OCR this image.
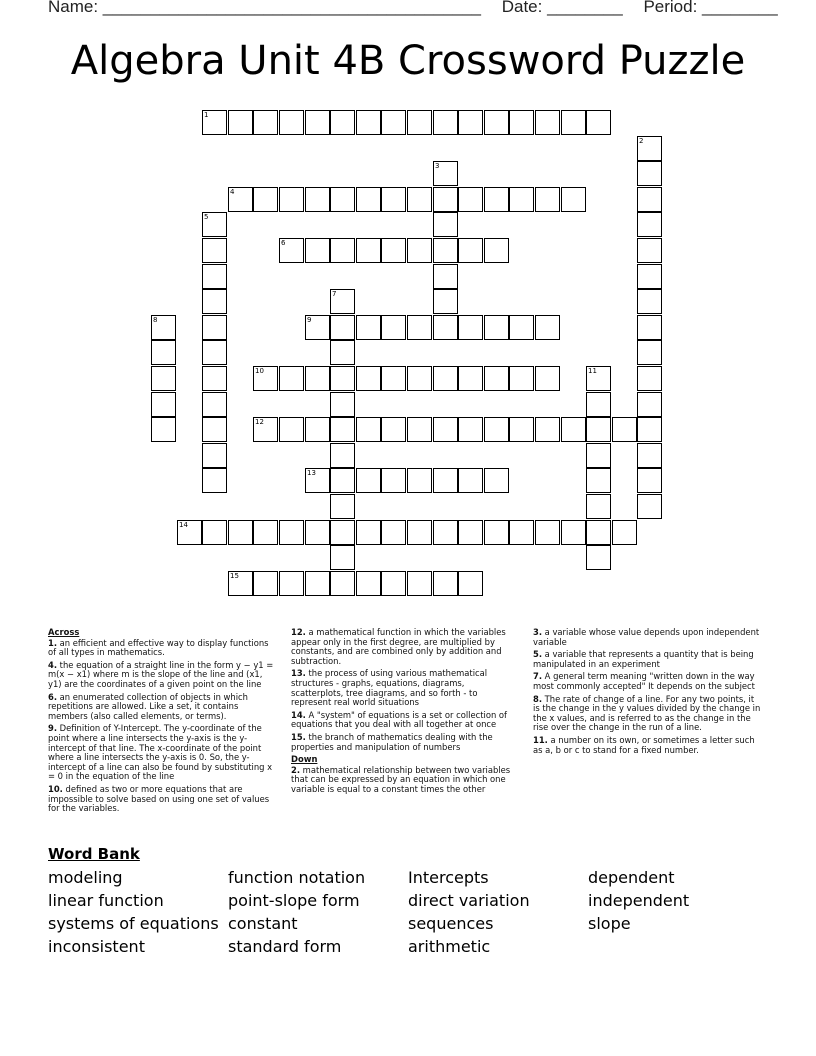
Name: ________________________________________ Date: ________ Period: ________
Algebra Unit 4B Crossword Puzzle
1
4
6
9
10
12
13
14
15
2
3
5
7
8
11
Across
1. an efficient and effective way to display functions of all types in mathematics.
4. the equation of a straight line in the form y − y1 = m(x − x1) where m is the slope of the line and (x1, y1) are the coordinates of a given point on the line
6. an enumerated collection of objects in which repetitions are allowed. Like a set, it contains members (also called elements, or terms).
9. Definition of Y-Intercept. The y-coordinate of the point where a line intersects the y-axis is the y-intercept of that line. The x-coordinate of the point where a line intersects the y-axis is 0. So, the y-intercept of a line can also be found by substituting x = 0 in the equation of the line
10. defined as two or more equations that are impossible to solve based on using one set of values for the variables.
12. a mathematical function in which the variables appear only in the first degree, are multiplied by constants, and are combined only by addition and subtraction.
13. the process of using various mathematical structures - graphs, equations, diagrams, scatterplots, tree diagrams, and so forth - to represent real world situations
14. A "system" of equations is a set or collection of equations that you deal with all together at once
15. the branch of mathematics dealing with the properties and manipulation of numbers
Down
2. mathematical relationship between two variables that can be expressed by an equation in which one variable is equal to a constant times the other
3. a variable whose value depends upon independent variable
5. a variable that represents a quantity that is being manipulated in an experiment
7. A general term meaning "written down in the way most commonly accepted" It depends on the subject
8. The rate of change of a line. For any two points, it is the change in the y values divided by the change in the x values, and is referred to as the change in the rise over the change in the run of a line.
11. a number on its own, or sometimes a letter such as a, b or c to stand for a fixed number.
Word Bank
modeling
linear function
systems of equations
inconsistent
function notation
point-slope form
constant
standard form
Intercepts
direct variation
sequences
arithmetic
dependent
independent
slope
